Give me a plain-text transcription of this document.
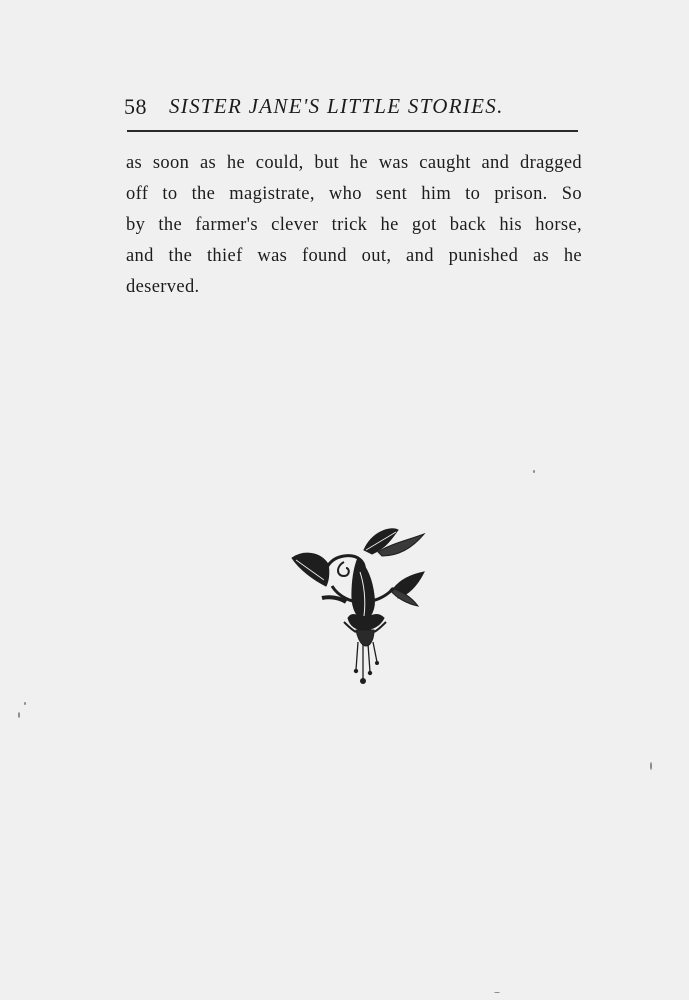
58 SISTER JANE'S LITTLE STORIES.
as soon as he could, but he was caught and dragged
off to the magistrate, who sent him to prison. So
by the farmer's clever trick he got back his horse,
and the thief was found out, and punished as he
deserved.
